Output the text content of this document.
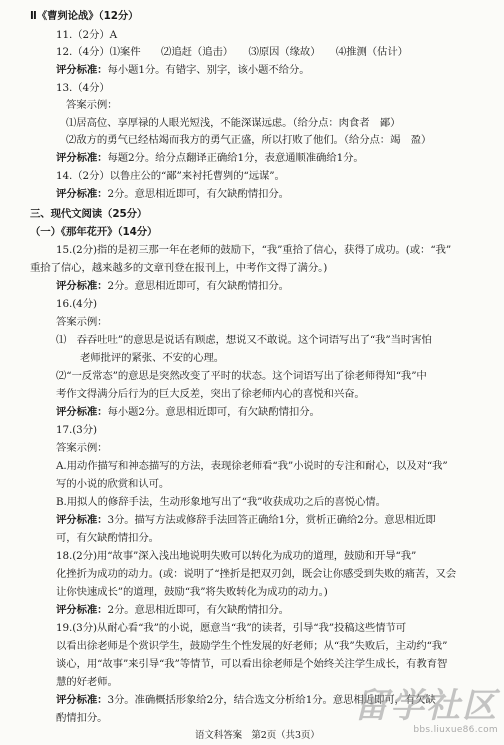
Ⅱ《曹刿论战》（12分）
11.（2分）A
12.（4分）⑴案件　　⑵追赶（追击）　　⑶原因（缘故）　　⑷推测（估计）
评分标准：每小题1分。有错字、别字，该小题不给分。
13.（4分）
答案示例：
⑴居高位、享厚禄的人眼光短浅，不能深谋远虑。（给分点：肉食者　鄙）
⑵敌方的勇气已经枯竭而我方的勇气正盛，所以打败了他们。（给分点：竭　盈）
评分标准：每题2分。给分点翻译正确给1分，表意通顺准确给1分。
14.（2分）以鲁庄公的“鄙”来衬托曹刿的“远谋”。
评分标准：2分。意思相近即可，有欠缺酌情扣分。
三、现代文阅读（25分）
（一）《那年花开》（14分）
15.(2分)指的是初三那一年在老师的鼓励下，“我”重拾了信心，获得了成功。(或：“我”
重拾了信心，越来越多的文章刊登在报刊上，中考作文得了满分。)
评分标准：2分。意思相近即可，有欠缺酌情扣分。
16.(4分)
答案示例：
⑴　吞吞吐吐”的意思是说话有顾虑，想说又不敢说。这个词语写出了“我”当时害怕
老师批评的紧张、不安的心理。
⑵“一反常态”的意思是突然改变了平时的状态。这个词语写出了徐老师得知“我”中
考作文得满分后行为的巨大反差，突出了徐老师内心的喜悦和兴奋。
评分标准：每小题2分。意思相近即可，有欠缺酌情扣分。
17.(3分)
答案示例：
A.用动作描写和神态描写的方法，表现徐老师看“我”小说时的专注和耐心，以及对“我”
写的小说的欣赏和认可。
B.用拟人的修辞手法，生动形象地写出了“我”收获成功之后的喜悦心情。
评分标准：3分。描写方法或修辞手法回答正确给1分，赏析正确给2分。意思相近即
可，有欠缺酌情扣分。
18.(2分)用“故事”深入浅出地说明失败可以转化为成功的道理，鼓励和开导“我”
化挫折为成功的动力。(或：说明了“挫折是把双刃剑，既会让你感受到失败的痛苦，又会
让你快速成长”的道理，鼓励“我”将失败转化为成功的动力。)
评分标准：2分。意思相近即可，有欠缺酌情扣分。
19.(3分)从耐心看“我”的小说，愿意当“我”的读者，引导“我”投稿这些情节可
以看出徐老师是个赏识学生，鼓励学生个性发展的好老师；从“我”失败后，主动约“我”
谈心，用“故事”来引导“我”等情节，可以看出徐老师是个始终关注学生成长，有教育智
慧的好老师。
评分标准：3分。准确概括形象给2分，结合选文分析给1分。意思相近即可，有欠缺
酌情扣分。
语文科答案　第2页（共3页）
留学社区
bbs.liuxue86.com
